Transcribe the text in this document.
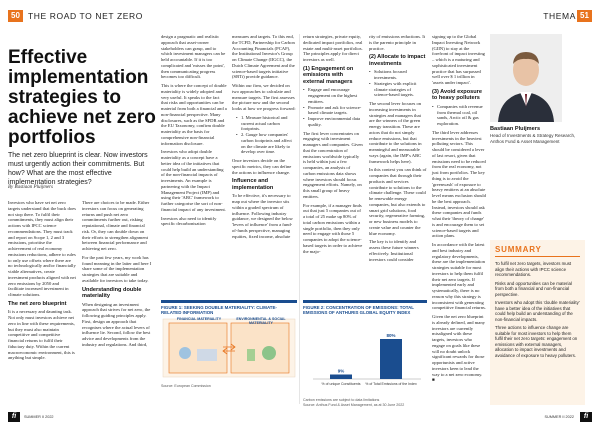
50 THE ROAD TO NET ZERO	THEMA 51
Effective implementation strategies to achieve net zero portfolios
The net zero blueprint is clear. Now investors must urgently action their commitments. But how? What are the most effective implementation strategies?
By Bastiaan Pluijmers

Investors who have set net zero targets understand that the buck does not stop there. To fulfil their commitments, they must align their actions with IPCC science recommendations. They must track and report on Scope 1, 2 and 3 emissions, prioritise the achievement of real economy emissions reductions, adhere to rules to only use offsets where there are no technologically and/or financially viable alternatives, create investment products aligned with net zero emissions by 2050 and facilitate increased investment in climate solutions.

The net zero blueprint

It is a necessary and daunting task. Not only must investors achieve net zero in line with these requirements, but they must also maintain competitive and competitive financial returns to fulfil their fiduciary duty. Within the current macroeconomic environment, this is anything but simple.

There are choices to be made. Either investors can focus on generating returns and push net zero commitments further out, risking reputational, climate and financial risk. Or, they can double down on their efforts to strengthen alignment between financial performance and achieving net zero.

For the past few years, my work has found meaning in the latter and here I share some of the implementation strategies that are suitable and available for investors to take today.

Understanding double materiality

When designing an investment approach that strives for net zero, the following guiding principles apply. First, design an approach that recognises where the actual levers of influence lie. Second, follow the best advice and developments from the industry and regulations. And third,

design a pragmatic and realistic approach that asset-owner stakeholders can grasp, and to which investment managers can be held accountable. If it is too complicated and 'misses the point', then communicating progress becomes too difficult.

This is where the concept of double materiality is widely adopted and very useful. It speaks to the fact that risks and opportunities can be material from both a financial and a non-financial perspective. Many disclosures, such as the SFDR and the EU Taxonomy, confirm double materiality as the basis for comprehensive non-financial information disclosure.

Investors who adopt double materiality as a concept have a better idea of the initiatives that could help build an understanding of the non-financial impacts of investments. An example is partnering with the Impact Management Project (IMP) and using their 'ABC' framework to further categorise the sort of non-financial impact of any investment.

Investors also need to identify specific decarbonisation

measures and targets. To this end, the TCFD, Partnership for Carbon Accounting Financials (PCAF), the Institutional Investor's Group on Climate Change (IIGCC), the Dutch Climate Agreement and the science-based targets initiative (SBTi) provide guidance.

Within our firm, we decided on two approaches to calculate and measure targets. The first assesses the picture now and the second looks at how we progress forward:

• 1. Measure historical and current actual carbon footprints.
• 2. Gauge how companies' carbon footprints and affect on the climate are likely to develop over time.

Once investors decide on the specific metrics, they can define the actions to influence change.

Influence and implementation

To be effective, it's necessary to map out where the investor sits within a graded spectrum of influence. Following industry guidance, we designed the below 'levers of influence' from a fund-of-funds perspective, managing equities, fixed income, absolute

FIGURE 1: SEEKING DOUBLE MATERIALITY: CLIMATE-RELATED INFORMATION
FINANCIAL MATERIALITY	ENVIRONMENTAL & SOCIAL MATERIALITY
Source: European Commission

return strategies, private equity, dedicated impact portfolios, real estate and multi-asset portfolios. The principles apply for direct investors as well.

(1) Engagement on emissions with external managers
• Engage and encourage engagement on the highest emitters.
• Promote and ask for science-based climate targets.
• Improve environmental data quality.

The first lever concentrates on engaging with investment managers and companies. Given that the concentration of emissions worldwide typically is held within just a few companies, an analysis of carbon emissions data shows where investors should focus engagement efforts. Namely, on this small group of heavy emitters.

For example, if a manager finds out that just 5 companies out of a total of 25 make up 80% of total carbon emissions within a single portfolio, then they only need to engage with those 5 companies to adopt the science-based targets in order to achieve the majo-

rity of emissions reductions. It is the parento principle in practice.

(2) Allocate to impact investments
• Solutions focused investments.
• Strategies with explicit climate strategies of science-based targets.

The second lever focuses on increasing investments in strategies and managers that are the winners of the green energy transition. These are actors that do not simply reduce emissions, but that contribute to the solutions in meaningful and measurable ways (again, the IMP's ABC framework helps here).

In this context you can think of companies that through their products and services contribute to solutions to the climate challenge. These could be renewable energy companies, but also extends to smart grid solutions, food security, regenerative farming, or new business models to create value and counter the blue economy.

The key is to identify and assess these future winners effectively. Institutional investors could consider

FIGURE 2: CONCENTRATION OF EMISSIONS: TOTAL EMISSIONS OF ANTHURIS GLOBAL EQUITY INDEX
9%
80%
% of unique Constituents % of Total Emissions of the Index
Carbon emissions are subject to data limitations
Source: Anthus Fund & Asset Management, as at 30 June 2022

signing up to the Global Impact Investing Network (GIIN) to stay at the forefront of impact investing – which is a maturing and sophisticated investment practice that has surpassed well over $ 1 trillion in 'assets under impact'.

(3) Avoid exposure to heavy polluters
• Companies with revenue from thermal coal, oil sands, Arctic oil & gas exploration.

The third lever addresses investments in the heaviest polluting sectors. This should be considered a lever of last resort, given that emissions need to be reduced from the real economy, not just from portfolios. The key thing is to avoid the 'greenwash' of exposure to heavy emitters at an absolute level means exclusion should be the best approach. Instead, investors should ask these companies and funds what their 'theory of change' is and encourage them to set science-based targets and action plans.

In accordance with the latest and best industry and regulatory developments, these are the implementation strategies suitable for most investors to help them fulfil their net zero targets. If implemented early and systematically, there is no reason why this strategy is inconsistent with generating competitive financial returns.

Given the net zero blueprint is already defined, and many investors are currently misaligned with these targets, investors who engage on goals like these will no doubt unlock significant rewards for those opportunists and active investors keen to lead the way to a net zero economy. ■

Bastiaan Pluijmers
Head of Investments & Strategy Research, Anthos Fund & Asset Management
SUMMARY

To fulfil net zero targets, investors must align their actions with IPCC science recommendations.

Risks and opportunities can be material from both a financial and non-financial perspective.

Investors who adopt this 'double materiality' have a better idea of the initiatives that could help build an understanding of the non-financial impacts.

Three actions to influence change are suitable for most investors to help them fulfil their net zero targets: engagement on emissions with external managers, allocation to impact investments and avoidance of exposure to heavy polluters.

fi	SUMMER II 2022	SUMMER II 2022	fi
